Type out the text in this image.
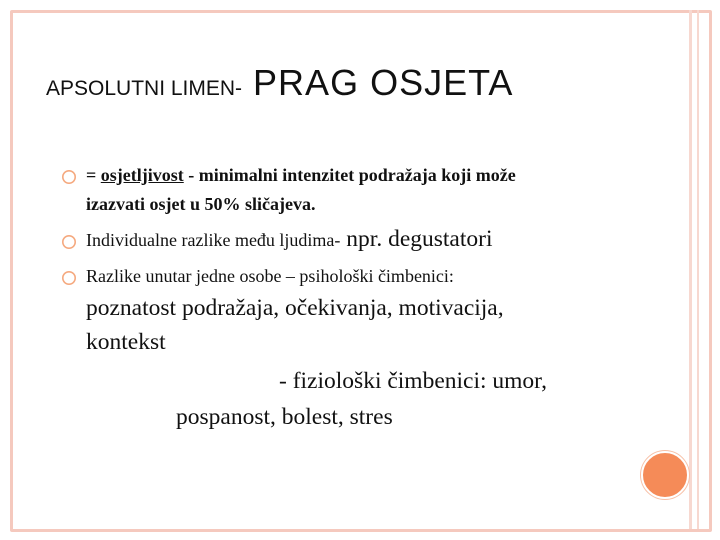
APSOLUTNI LIMEN- PRAG OSJETA
= osjetljivost - minimalni intenzitet podražaja koji može
izazvati osjet u 50% sličajeva.
Individualne razlike među ljudima- npr. degustatori
Razlike unutar jedne osobe – psihološki čimbenici:
poznatost podražaja, očekivanja, motivacija,
kontekst
- fiziološki čimbenici: umor,
pospanost, bolest, stres
